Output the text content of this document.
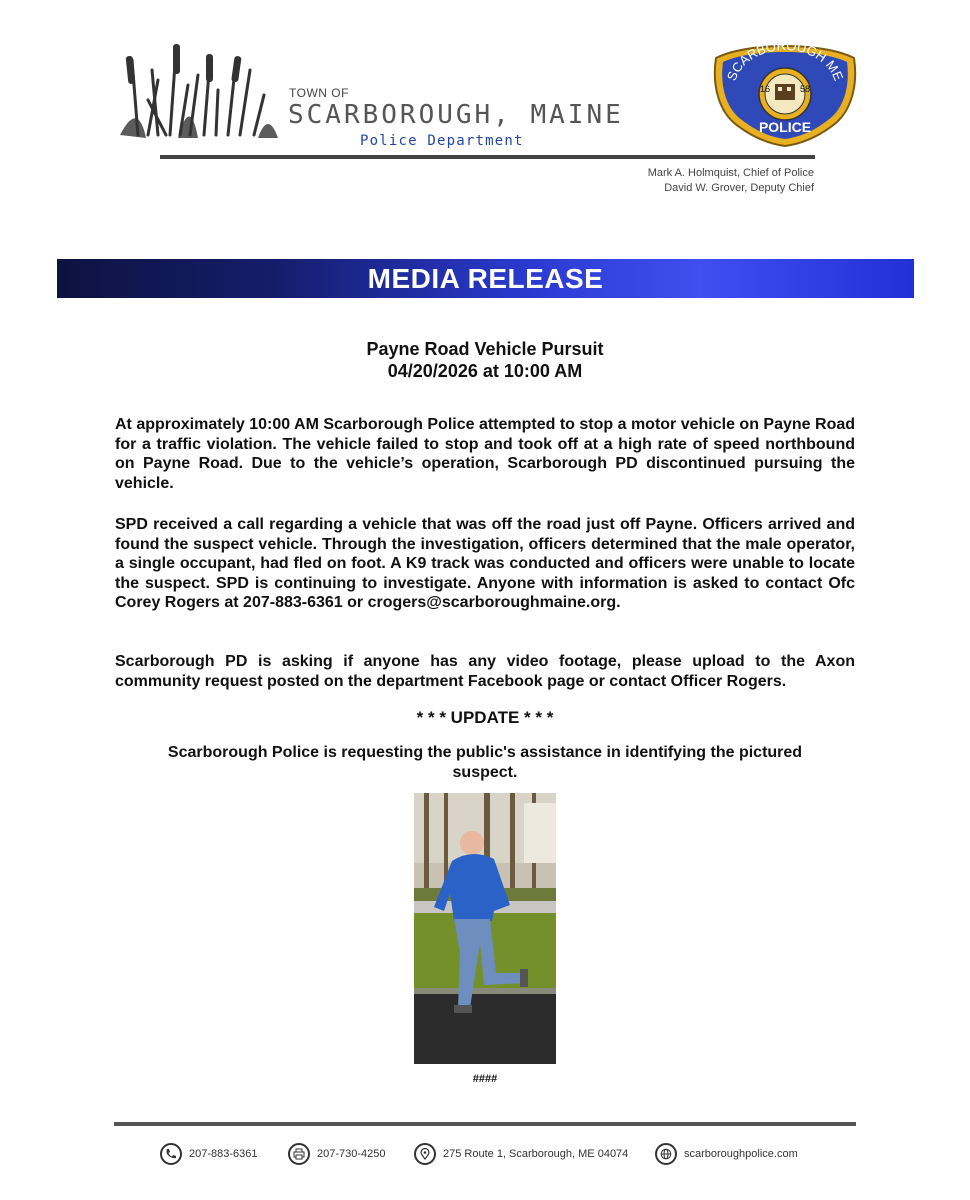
TOWN OF
SCARBOROUGH, MAINE
Police Department
16	58
SCARBOROUGH ME
POLICE
Mark A. Holmquist, Chief of Police
David W. Grover, Deputy Chief
MEDIA RELEASE
Payne Road Vehicle Pursuit
04/20/2026 at 10:00 AM
At approximately 10:00 AM Scarborough Police attempted to stop a motor vehicle on Payne Road for a traffic violation. The vehicle failed to stop and took off at a high rate of speed northbound on Payne Road. Due to the vehicle’s operation, Scarborough PD discontinued pursuing the vehicle.
SPD received a call regarding a vehicle that was off the road just off Payne. Officers arrived and found the suspect vehicle. Through the investigation, officers determined that the male operator, a single occupant, had fled on foot. A K9 track was conducted and officers were unable to locate the suspect. SPD is continuing to investigate. Anyone with information is asked to contact Ofc Corey Rogers at 207-883-6361 or crogers@scarboroughmaine.org.
Scarborough PD is asking if anyone has any video footage, please upload to the Axon community request posted on the department Facebook page or contact Officer Rogers.
* * * UPDATE * * *
Scarborough Police is requesting the public's assistance in identifying the pictured suspect.
####
207-883-6361	207-730-4250	275 Route 1, Scarborough, ME 04074	scarboroughpolice.com
